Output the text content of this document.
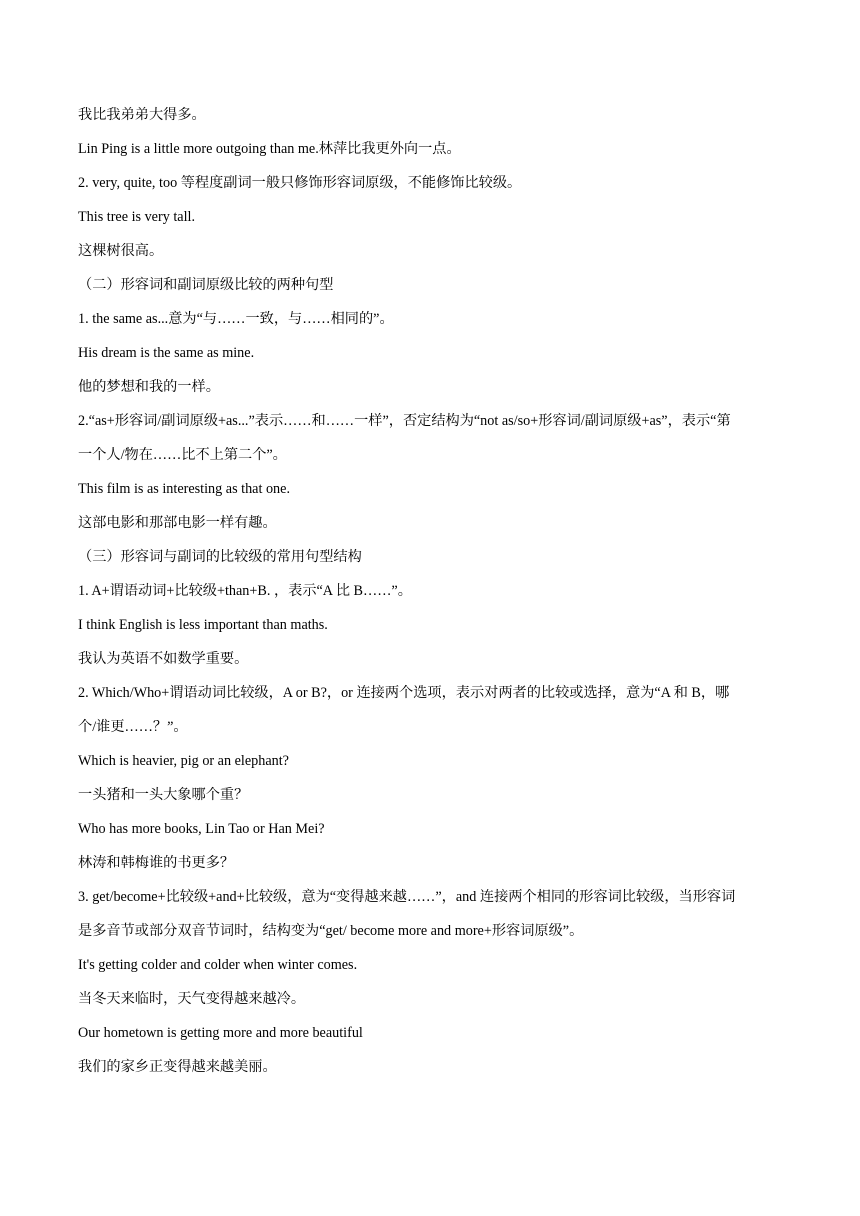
我比我弟弟大得多。
Lin Ping is a little more outgoing than me.林萍比我更外向一点。
2. very, quite, too 等程度副词一般只修饰形容词原级，不能修饰比较级。
This tree is very tall.
这棵树很高。
（二）形容词和副词原级比较的两种句型
1. the same as...意为“与……一致，与……相同的”。
His dream is the same as mine.
他的梦想和我的一样。
2.“as+形容词/副词原级+as...”表示……和……一样”，否定结构为“not as/so+形容词/副词原级+as”，表示“第
一个人/物在……比不上第二个”。
This film is as interesting as that one.
这部电影和那部电影一样有趣。
（三）形容词与副词的比较级的常用句型结构
1. A+谓语动词+比较级+than+B. ，表示“A 比 B……”。
I think English is less important than maths.
我认为英语不如数学重要。
2. Which/Who+谓语动词比较级，A or B?，or 连接两个选项，表示对两者的比较或选择，意为“A 和 B，哪
个/谁更……？”。
Which is heavier, pig or an elephant?
一头猪和一头大象哪个重？
Who has more books, Lin Tao or Han Mei?
林涛和韩梅谁的书更多？
3. get/become+比较级+and+比较级，意为“变得越来越……”，and 连接两个相同的形容词比较级，当形容词
是多音节或部分双音节词时，结构变为“get/ become more and more+形容词原级”。
It's getting colder and colder when winter comes.
当冬天来临时，天气变得越来越冷。
Our hometown is getting more and more beautiful
我们的家乡正变得越来越美丽。
